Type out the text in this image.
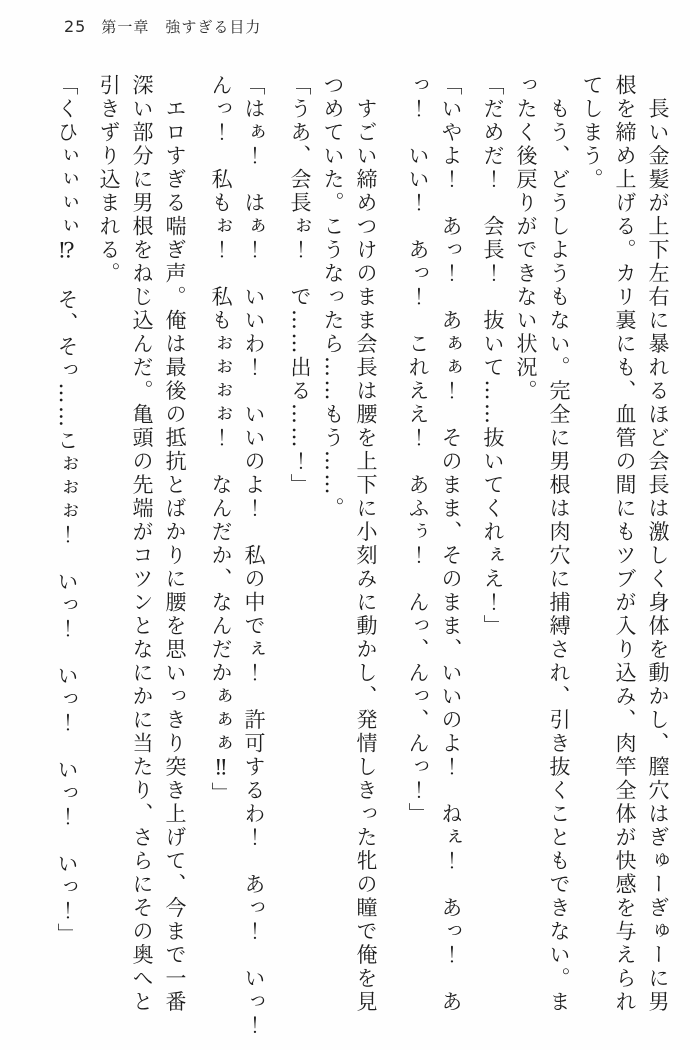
25 第一章　強すぎる目力
　長い金髪が上下左右に暴れるほど会長は激しく身体を動かし、膣穴はぎゅーぎゅーに男
根を締め上げる。カリ裏にも、血管の間にもツブが入り込み、肉竿全体が快感を与えられ
てしまう。
　もう、どうしようもない。完全に男根は肉穴に捕縛され、引き抜くこともできない。ま
ったく後戻りができない状況。
「だめだ！　会長！　抜いて……抜いてくれぇえ！」
「いやよ！　あっ！　あぁぁ！　そのまま、そのまま、いいのよ！　ねぇ！　あっ！　あ
っ！　いい！　あっ！　これええ！　あふぅ！　んっ、んっ、んっ！」
　すごい締めつけのまま会長は腰を上下に小刻みに動かし、発情しきった牝の瞳で俺を見
つめていた。こうなったら……もう……。
「うあ、会長ぉ！　で……出る……！」
「はぁ！　はぁ！　いいわ！　いいのよ！　私の中でぇ！　許可するわ！　あっ！　いっ！
んっ！　私もぉ！　私もぉぉぉぉ！　なんだか、なんだかぁぁぁ‼」
　エロすぎる喘ぎ声。俺は最後の抵抗とばかりに腰を思いっきり突き上げて、今まで一番
深い部分に男根をねじ込んだ。亀頭の先端がコツンとなにかに当たり、さらにその奥へと
引きずり込まれる。
「くひぃぃぃぃ⁉　そ、そっ……こぉぉぉ！　いっ！　いっ！　いっ！　いっ！」
